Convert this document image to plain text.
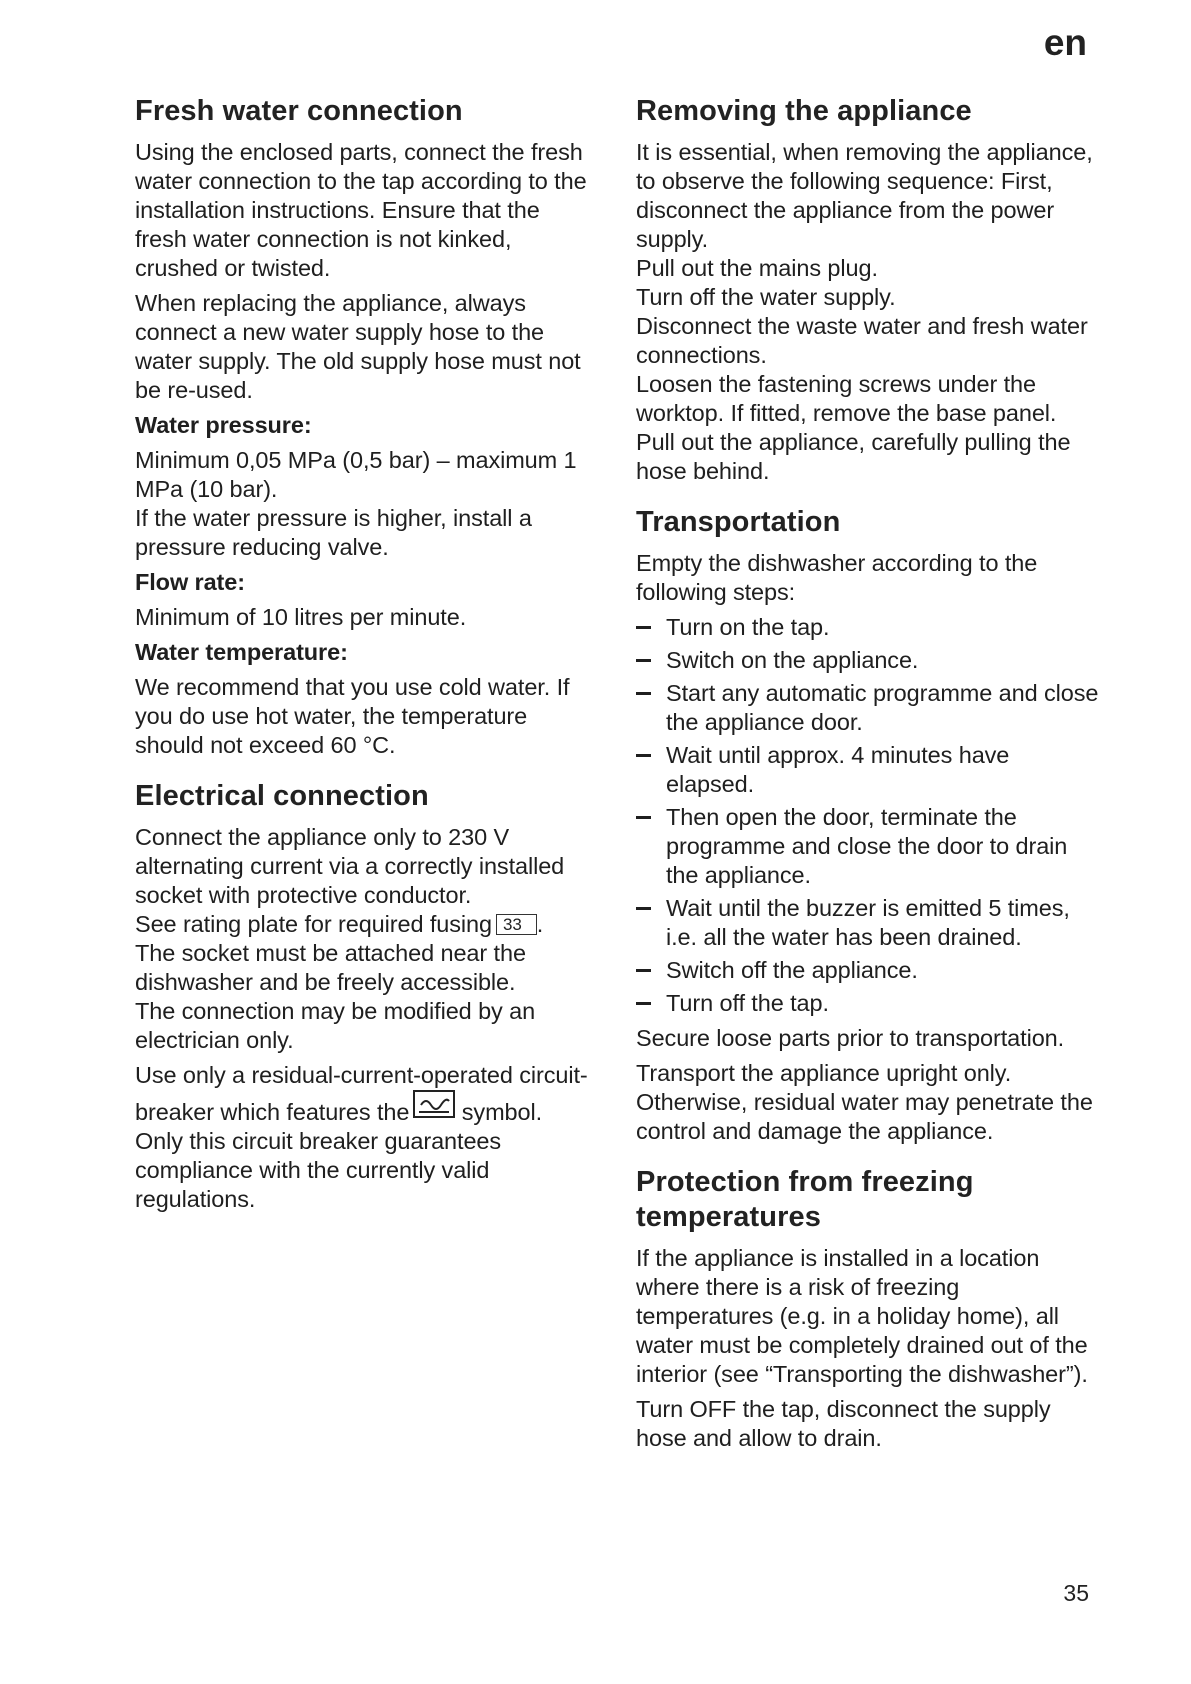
en
Fresh water connection

Using the enclosed parts, connect the fresh water connection to the tap according to the installation instructions. Ensure that the fresh water connection is not kinked, crushed or twisted.

When replacing the appliance, always connect a new water supply hose to the water supply. The old supply hose must not be re-used.

Water pressure:

Minimum 0,05 MPa (0,5 bar) – maximum 1 MPa (10 bar).

If the water pressure is higher, install a pressure reducing valve.

Flow rate:

Minimum of 10 litres per minute.

Water temperature:

We recommend that you use cold water. If you do use hot water, the temperature should not exceed 60 °C.

Electrical connection

Connect the appliance only to 230 V alternating current via a correctly installed socket with protective conductor.

See rating plate for required fusing 33 .

The socket must be attached near the dishwasher and be freely accessible.

The connection may be modified by an electrician only.

Use only a residual-current-operated circuit-breaker which features the symbol. Only this circuit breaker guarantees compliance with the currently valid regulations.

Removing the appliance

It is essential, when removing the appliance, to observe the following sequence: First, disconnect the appliance from the power supply.

Pull out the mains plug.

Turn off the water supply.

Disconnect the waste water and fresh water connections.

Loosen the fastening screws under the worktop. If fitted, remove the base panel.

Pull out the appliance, carefully pulling the hose behind.

Transportation

Empty the dishwasher according to the following steps:

Turn on the tap.
Switch on the appliance.
Start any automatic programme and close the appliance door.
Wait until approx. 4 minutes have elapsed.
Then open the door, terminate the programme and close the door to drain the appliance.
Wait until the buzzer is emitted 5 times, i.e. all the water has been drained.
Switch off the appliance.
Turn off the tap.

Secure loose parts prior to transportation.

Transport the appliance upright only. Otherwise, residual water may penetrate the control and damage the appliance.

Protection from freezing temperatures

If the appliance is installed in a location where there is a risk of freezing temperatures (e.g. in a holiday home), all water must be completely drained out of the interior (see “Transporting the dishwasher”).

Turn OFF the tap, disconnect the supply hose and allow to drain.

35
